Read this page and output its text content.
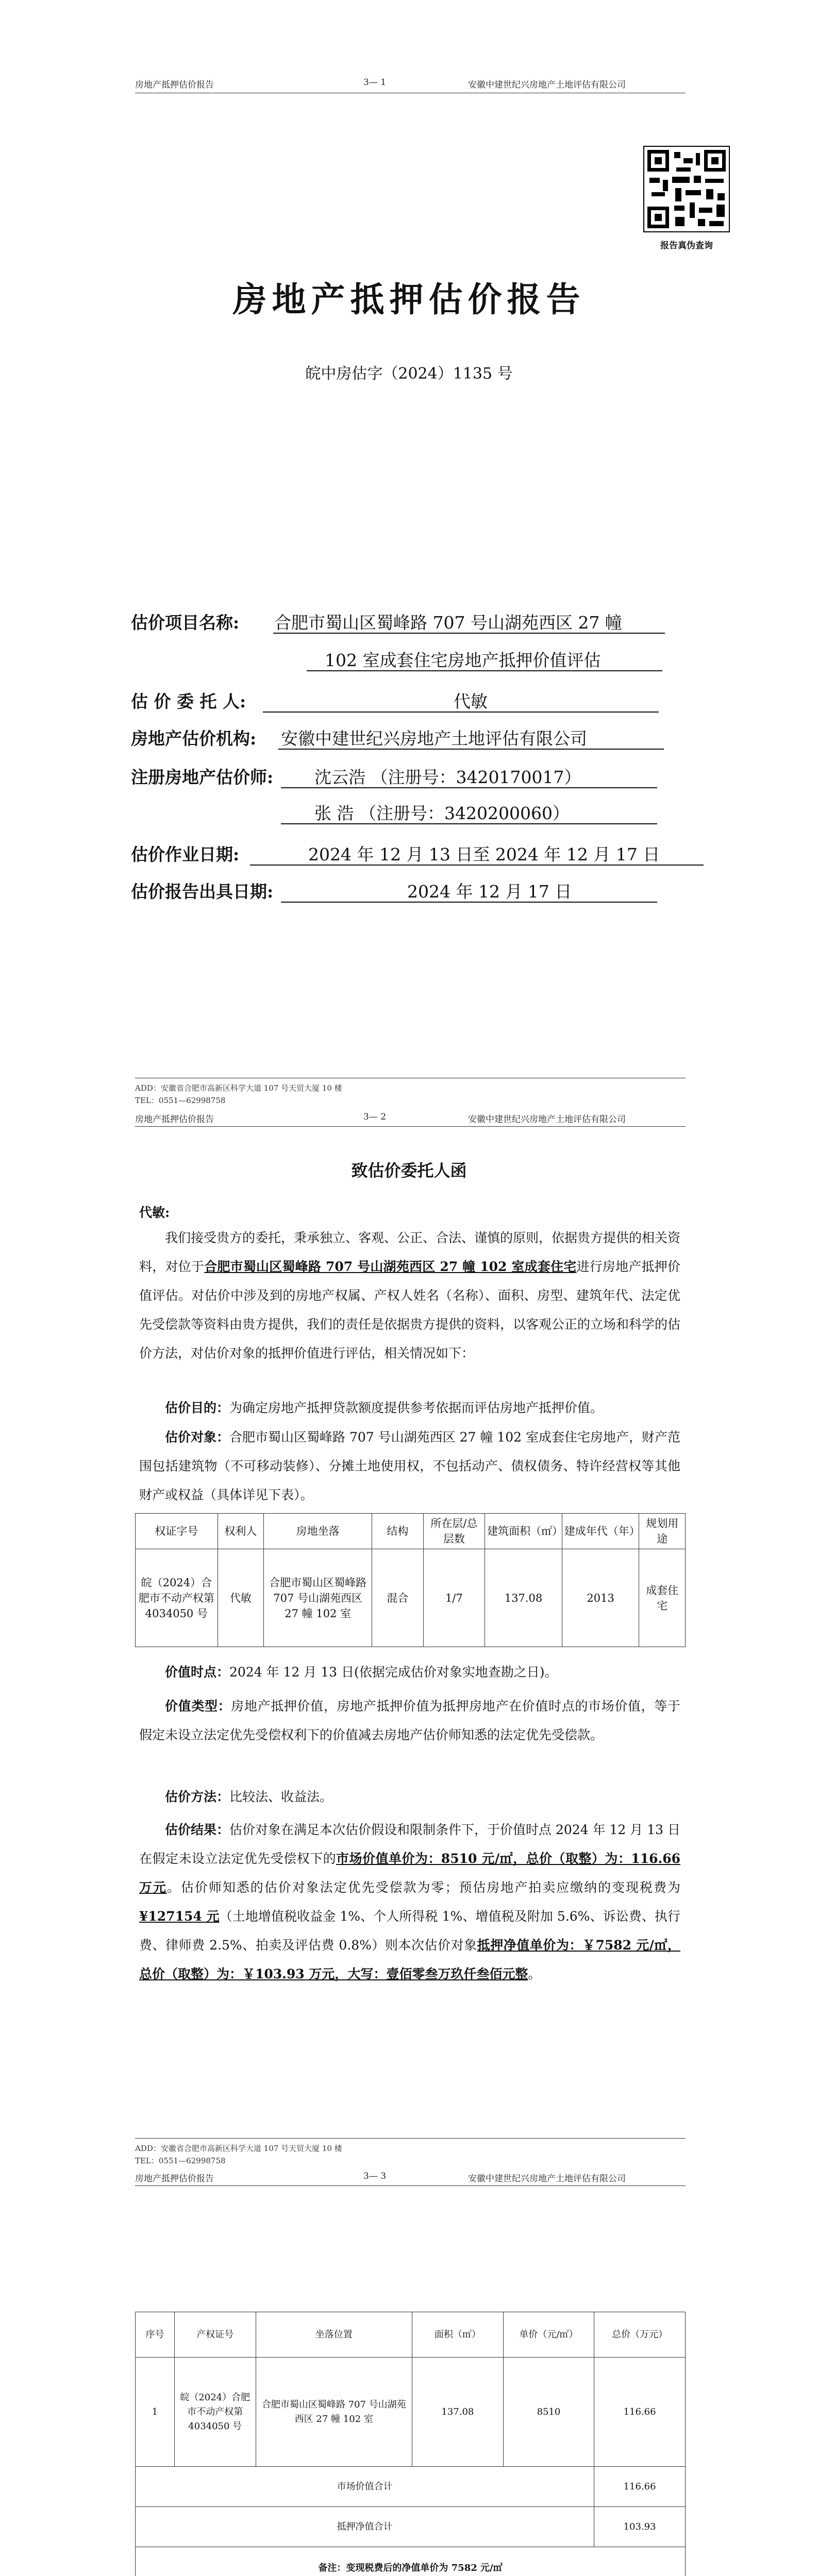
房地产抵押估价报告	3— 1	安徽中建世纪兴房地产土地评估有限公司
报告真伪查询
房地产抵押估价报告
皖中房估字（2024）1135 号
估价项目名称: 合肥市蜀山区蜀峰路 707 号山湖苑西区 27 幢
102 室成套住宅房地产抵押价值评估
估 价 委 托 人:	代敏
房地产估价机构: 安徽中建世纪兴房地产土地评估有限公司
注册房地产估价师: 沈云浩 （注册号：3420170017）
张 浩 （注册号：3420200060）
估价作业日期:	2024 年 12 月 13 日至 2024 年 12 月 17 日
估价报告出具日期:	2024 年 12 月 17 日
ADD：安徽省合肥市高新区科学大道 107 号天贸大厦 10 楼
TEL：0551—62998758
房地产抵押估价报告	3— 2	安徽中建世纪兴房地产土地评估有限公司
致估价委托人函
代敏:
我们接受贵方的委托，秉承独立、客观、公正、合法、谨慎的原则，依据贵方提供的相关资料，对位于合肥市蜀山区蜀峰路 707 号山湖苑西区 27 幢 102 室成套住宅进行房地产抵押价值评估。对估价中涉及到的房地产权属、产权人姓名（名称）、面积、房型、建筑年代、法定优先受偿款等资料由贵方提供，我们的责任是依据贵方提供的资料，以客观公正的立场和科学的估价方法，对估价对象的抵押价值进行评估，相关情况如下：
估价目的：为确定房地产抵押贷款额度提供参考依据而评估房地产抵押价值。
估价对象：合肥市蜀山区蜀峰路 707 号山湖苑西区 27 幢 102 室成套住宅房地产，财产范围包括建筑物（不可移动装修）、分摊土地使用权，不包括动产、债权债务、特许经营权等其他财产或权益（具体详见下表）。
权证字号	权利人	房地坐落	结构	所在层/总层数	建筑面积（㎡）	建成年代（年）	规划用途
皖（2024）合肥市不动产权第 4034050 号	代敏	合肥市蜀山区蜀峰路 707 号山湖苑西区 27 幢 102 室	混合	1/7	137.08	2013	成套住宅
价值时点：2024 年 12 月 13 日(依据完成估价对象实地查勘之日)。
价值类型：房地产抵押价值，房地产抵押价值为抵押房地产在价值时点的市场价值，等于假定未设立法定优先受偿权利下的价值减去房地产估价师知悉的法定优先受偿款。
估价方法：比较法、收益法。
估价结果：估价对象在满足本次估价假设和限制条件下，于价值时点 2024 年 12 月 13 日在假定未设立法定优先受偿权下的市场价值单价为：8510 元/㎡，总价（取整）为：116.66 万元。估价师知悉的估价对象法定优先受偿款为零；预估房地产拍卖应缴纳的变现税费为¥127154 元（土地增值税收益金 1%、个人所得税 1%、增值税及附加 5.6%、诉讼费、执行费、律师费 2.5%、拍卖及评估费 0.8%）则本次估价对象抵押净值单价为：￥7582 元/㎡，总价（取整）为：￥103.93 万元，大写：壹佰零叁万玖仟叁佰元整。
ADD：安徽省合肥市高新区科学大道 107 号天贸大厦 10 楼
TEL：0551—62998758
房地产抵押估价报告	3— 3	安徽中建世纪兴房地产土地评估有限公司
序号	产权证号	坐落位置	面积（㎡）	单价（元/㎡）	总价（万元）
1	皖（2024）合肥市不动产权第 4034050 号	合肥市蜀山区蜀峰路 707 号山湖苑西区 27 幢 102 室	137.08	8510	116.66
市场价值合计					116.66
抵押净值合计					103.93
备注：变现税费后的净值单价为 7582 元/㎡					
